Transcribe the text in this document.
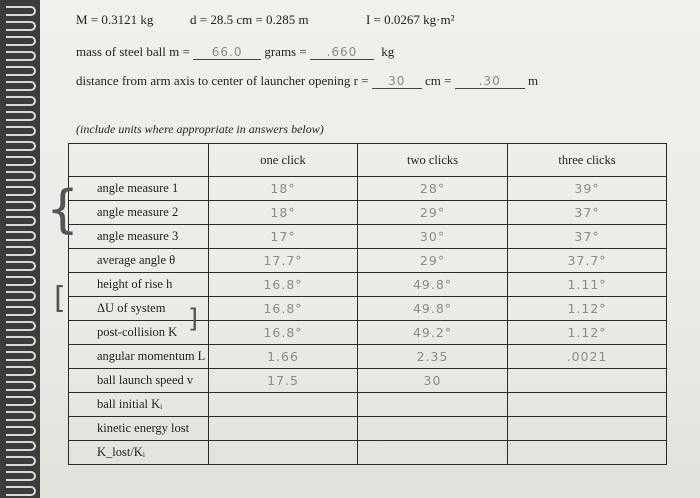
M = 0.3121 kg	d = 28.5 cm = 0.285 m	I = 0.0267 kg·m²
mass of steel ball m = 66.0 grams = .660 kg
distance from arm axis to center of launcher opening r = 30 cm = .30 m
(include units where appropriate in answers below)
	one click	two clicks	three clicks
angle measure 1	18°	28°	39°
angle measure 2	18°	29°	37°
angle measure 3	17°	30°	37°
average angle θ	17.7°	29°	37.7°
height of rise h	16.8°	49.8°	1.11°
ΔU of system	16.8°	49.8°	1.12°
post-collision K	16.8°	49.2°	1.12°
angular momentum L	1.66	2.35	.0021
ball launch speed v	17.5	30	
ball initial Kᵢ			
kinetic energy lost			
K_lost/Kᵢ			
{
[
]
